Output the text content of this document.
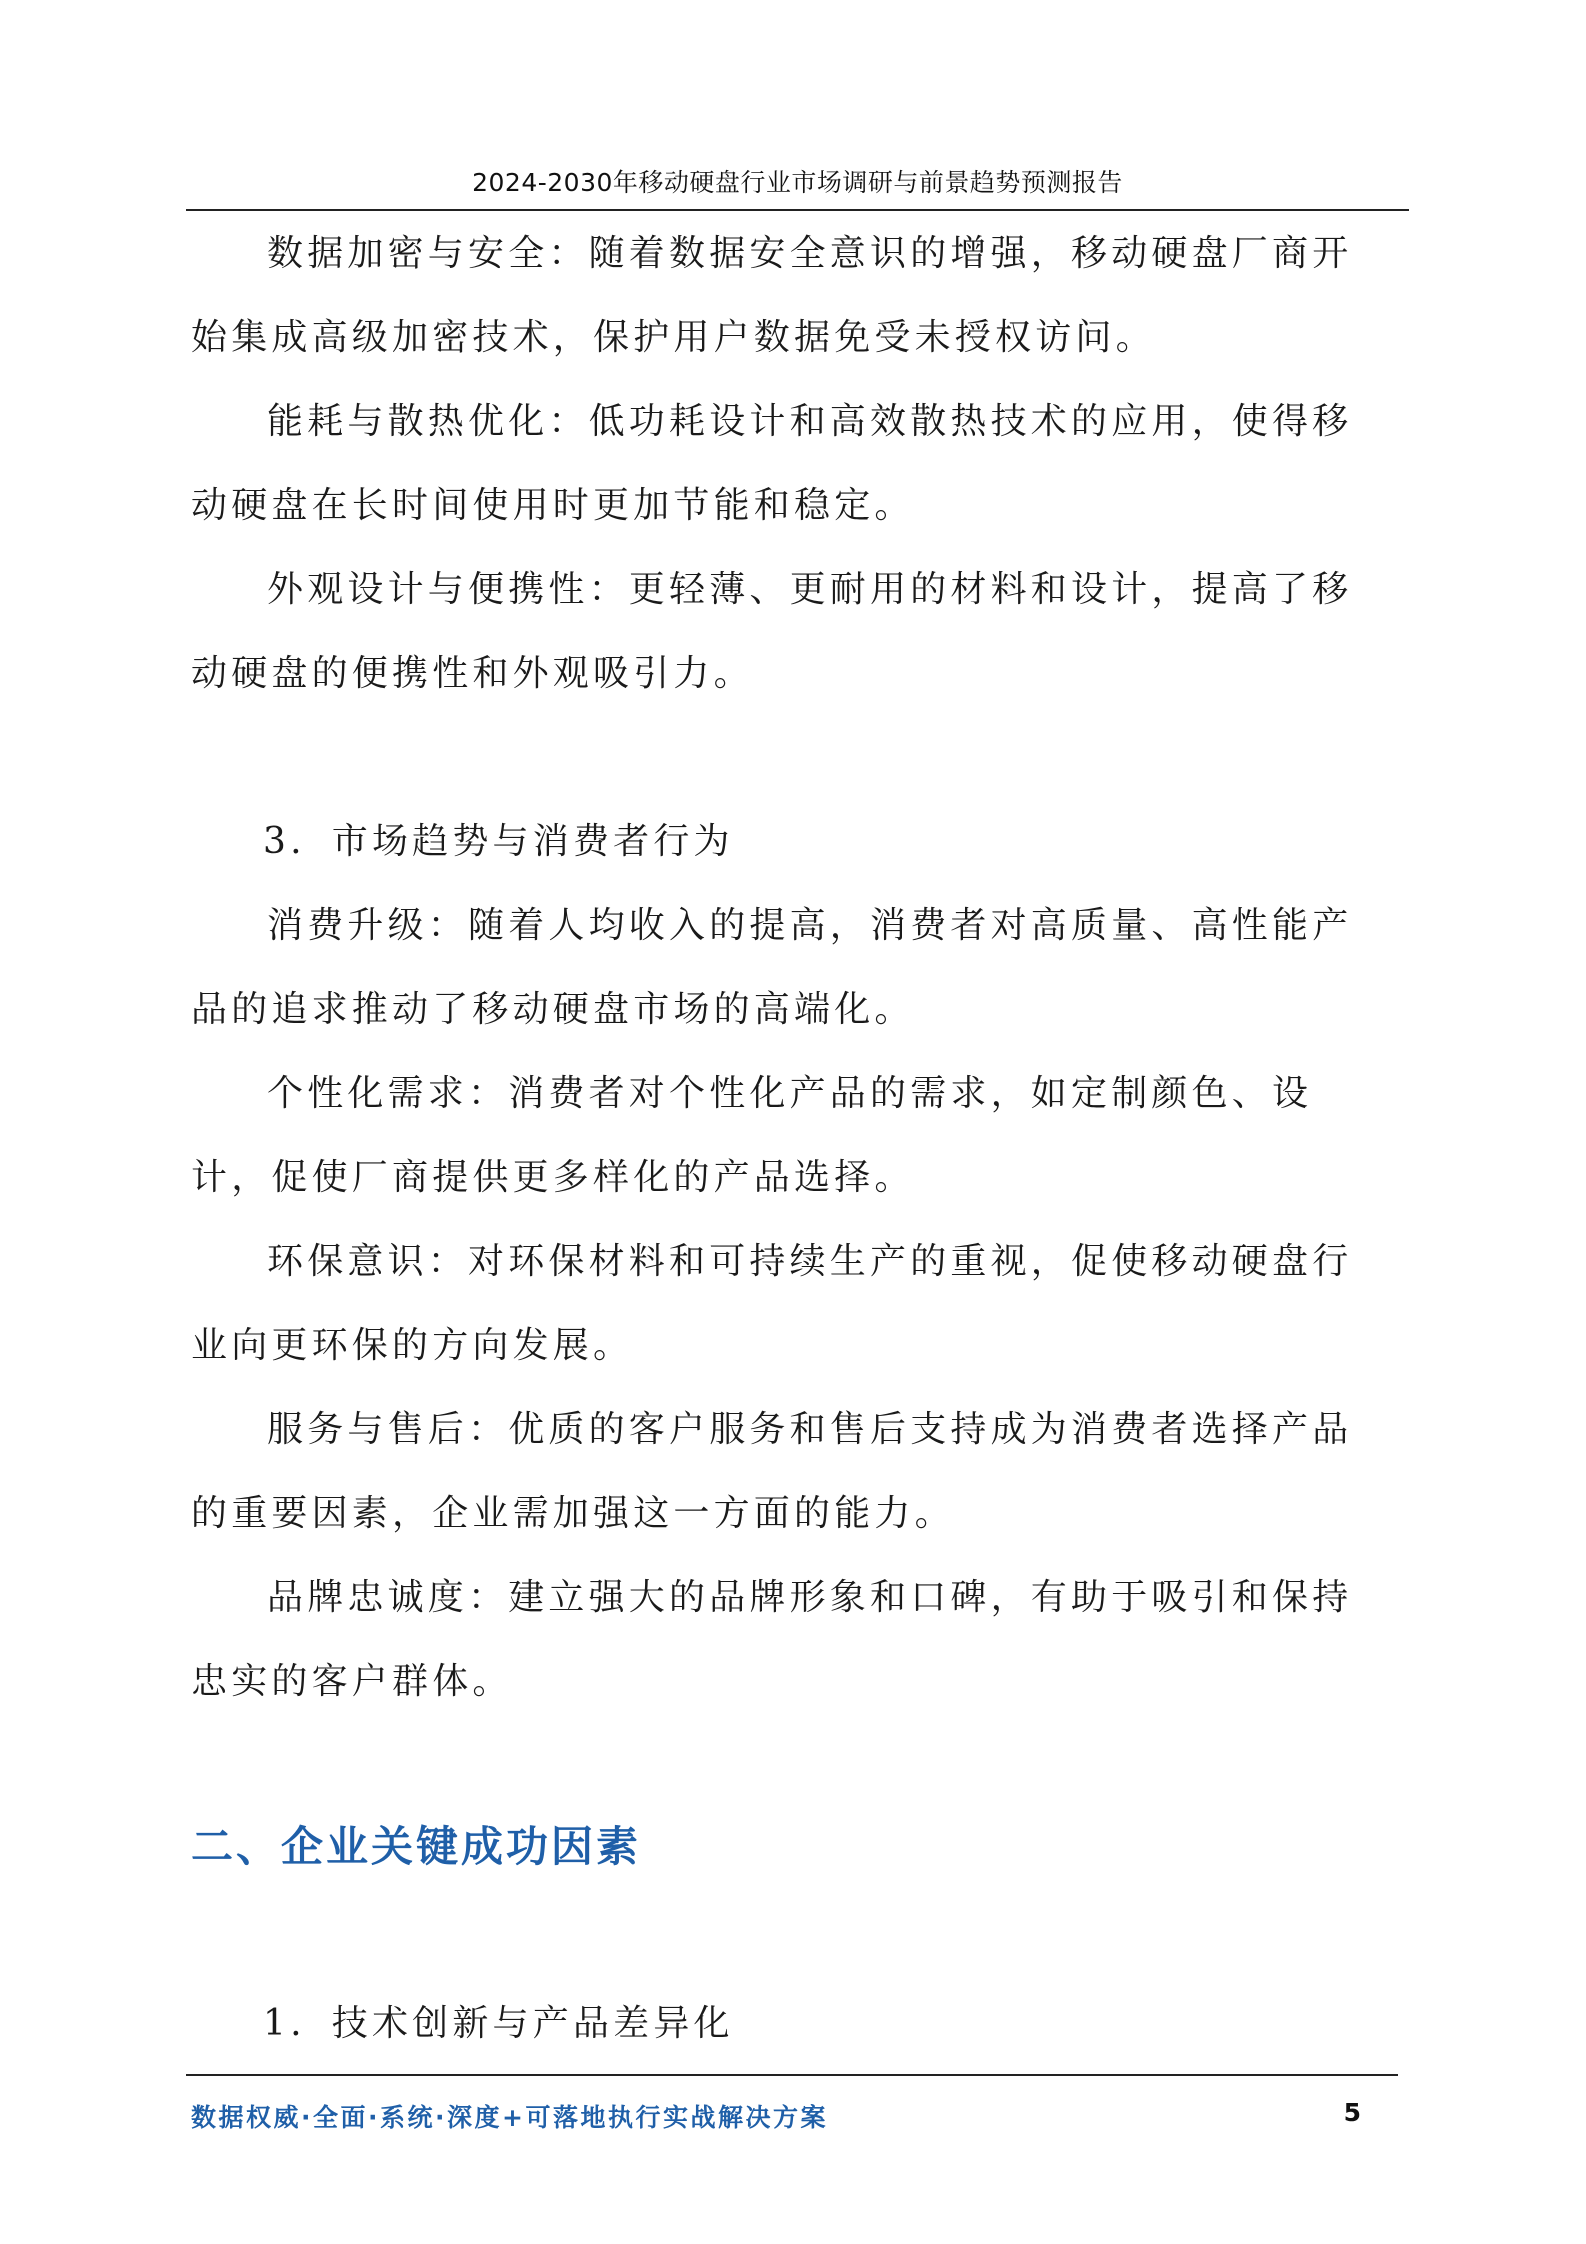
2024-2030年移动硬盘行业市场调研与前景趋势预测报告

数据加密与安全：随着数据安全意识的增强，移动硬盘厂商开始集成高级加密技术，保护用户数据免受未授权访问。

能耗与散热优化：低功耗设计和高效散热技术的应用，使得移动硬盘在长时间使用时更加节能和稳定。

外观设计与便携性：更轻薄、更耐用的材料和设计，提高了移动硬盘的便携性和外观吸引力。

3. 市场趋势与消费者行为

消费升级：随着人均收入的提高，消费者对高质量、高性能产品的追求推动了移动硬盘市场的高端化。

个性化需求：消费者对个性化产品的需求，如定制颜色、设计，促使厂商提供更多样化的产品选择。

环保意识：对环保材料和可持续生产的重视，促使移动硬盘行业向更环保的方向发展。

服务与售后：优质的客户服务和售后支持成为消费者选择产品的重要因素，企业需加强这一方面的能力。

品牌忠诚度：建立强大的品牌形象和口碑，有助于吸引和保持忠实的客户群体。

二、企业关键成功因素

1. 技术创新与产品差异化

数据权威·全面·系统·深度+可落地执行实战解决方案	5
